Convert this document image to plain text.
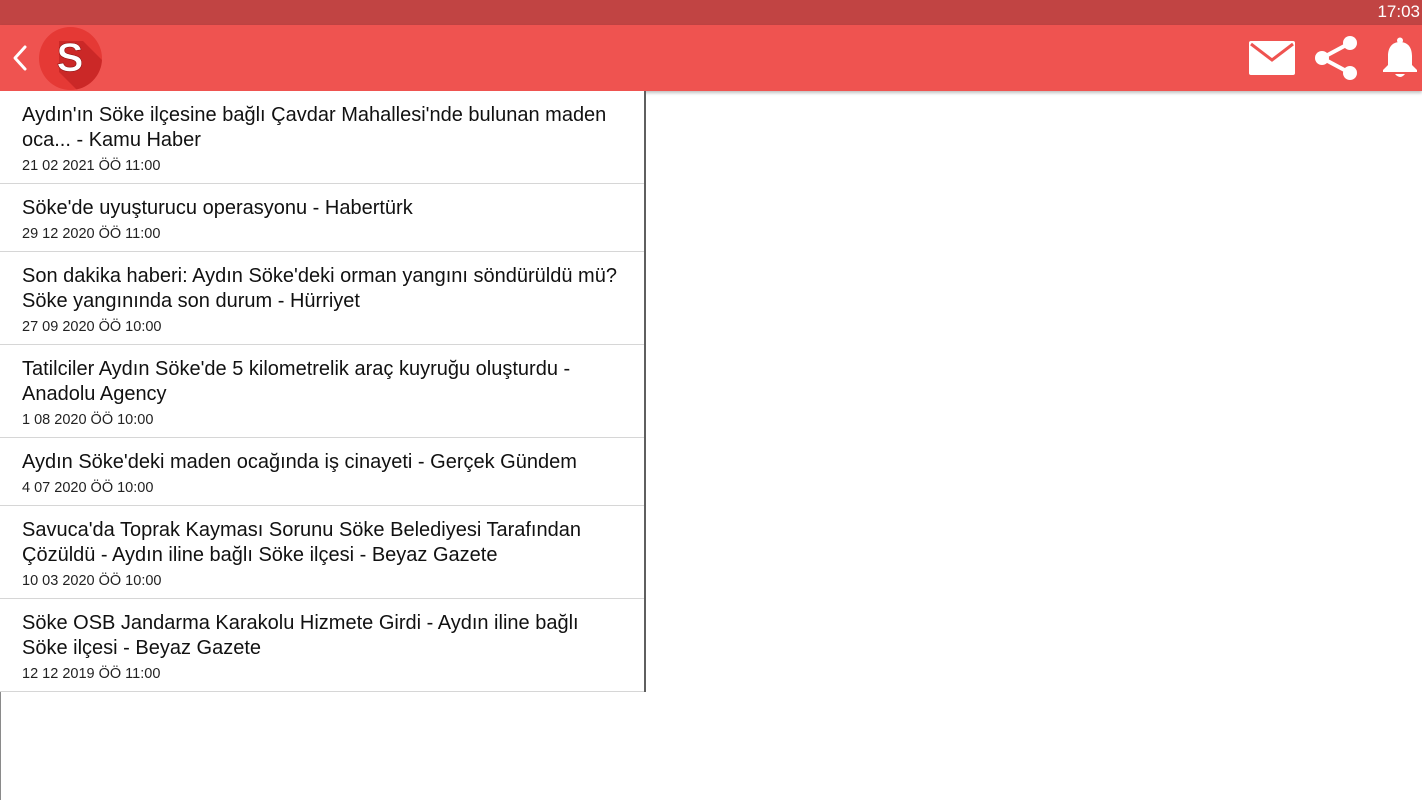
17:03
S
Aydın'ın Söke ilçesine bağlı Çavdar Mahallesi'nde bulunan maden oca... - Kamu Haber
21 02 2021 ÖÖ 11:00
Söke'de uyuşturucu operasyonu - Habertürk
29 12 2020 ÖÖ 11:00
Son dakika haberi: Aydın Söke'deki orman yangını söndürüldü mü? Söke yangınında son durum - Hürriyet
27 09 2020 ÖÖ 10:00
Tatilciler Aydın Söke'de 5 kilometrelik araç kuyruğu oluşturdu - Anadolu Agency
1 08 2020 ÖÖ 10:00
Aydın Söke'deki maden ocağında iş cinayeti - Gerçek Gündem
4 07 2020 ÖÖ 10:00
Savuca'da Toprak Kayması Sorunu Söke Belediyesi Tarafından Çözüldü - Aydın iline bağlı Söke ilçesi - Beyaz Gazete
10 03 2020 ÖÖ 10:00
Söke OSB Jandarma Karakolu Hizmete Girdi - Aydın iline bağlı Söke ilçesi - Beyaz Gazete
12 12 2019 ÖÖ 11:00
